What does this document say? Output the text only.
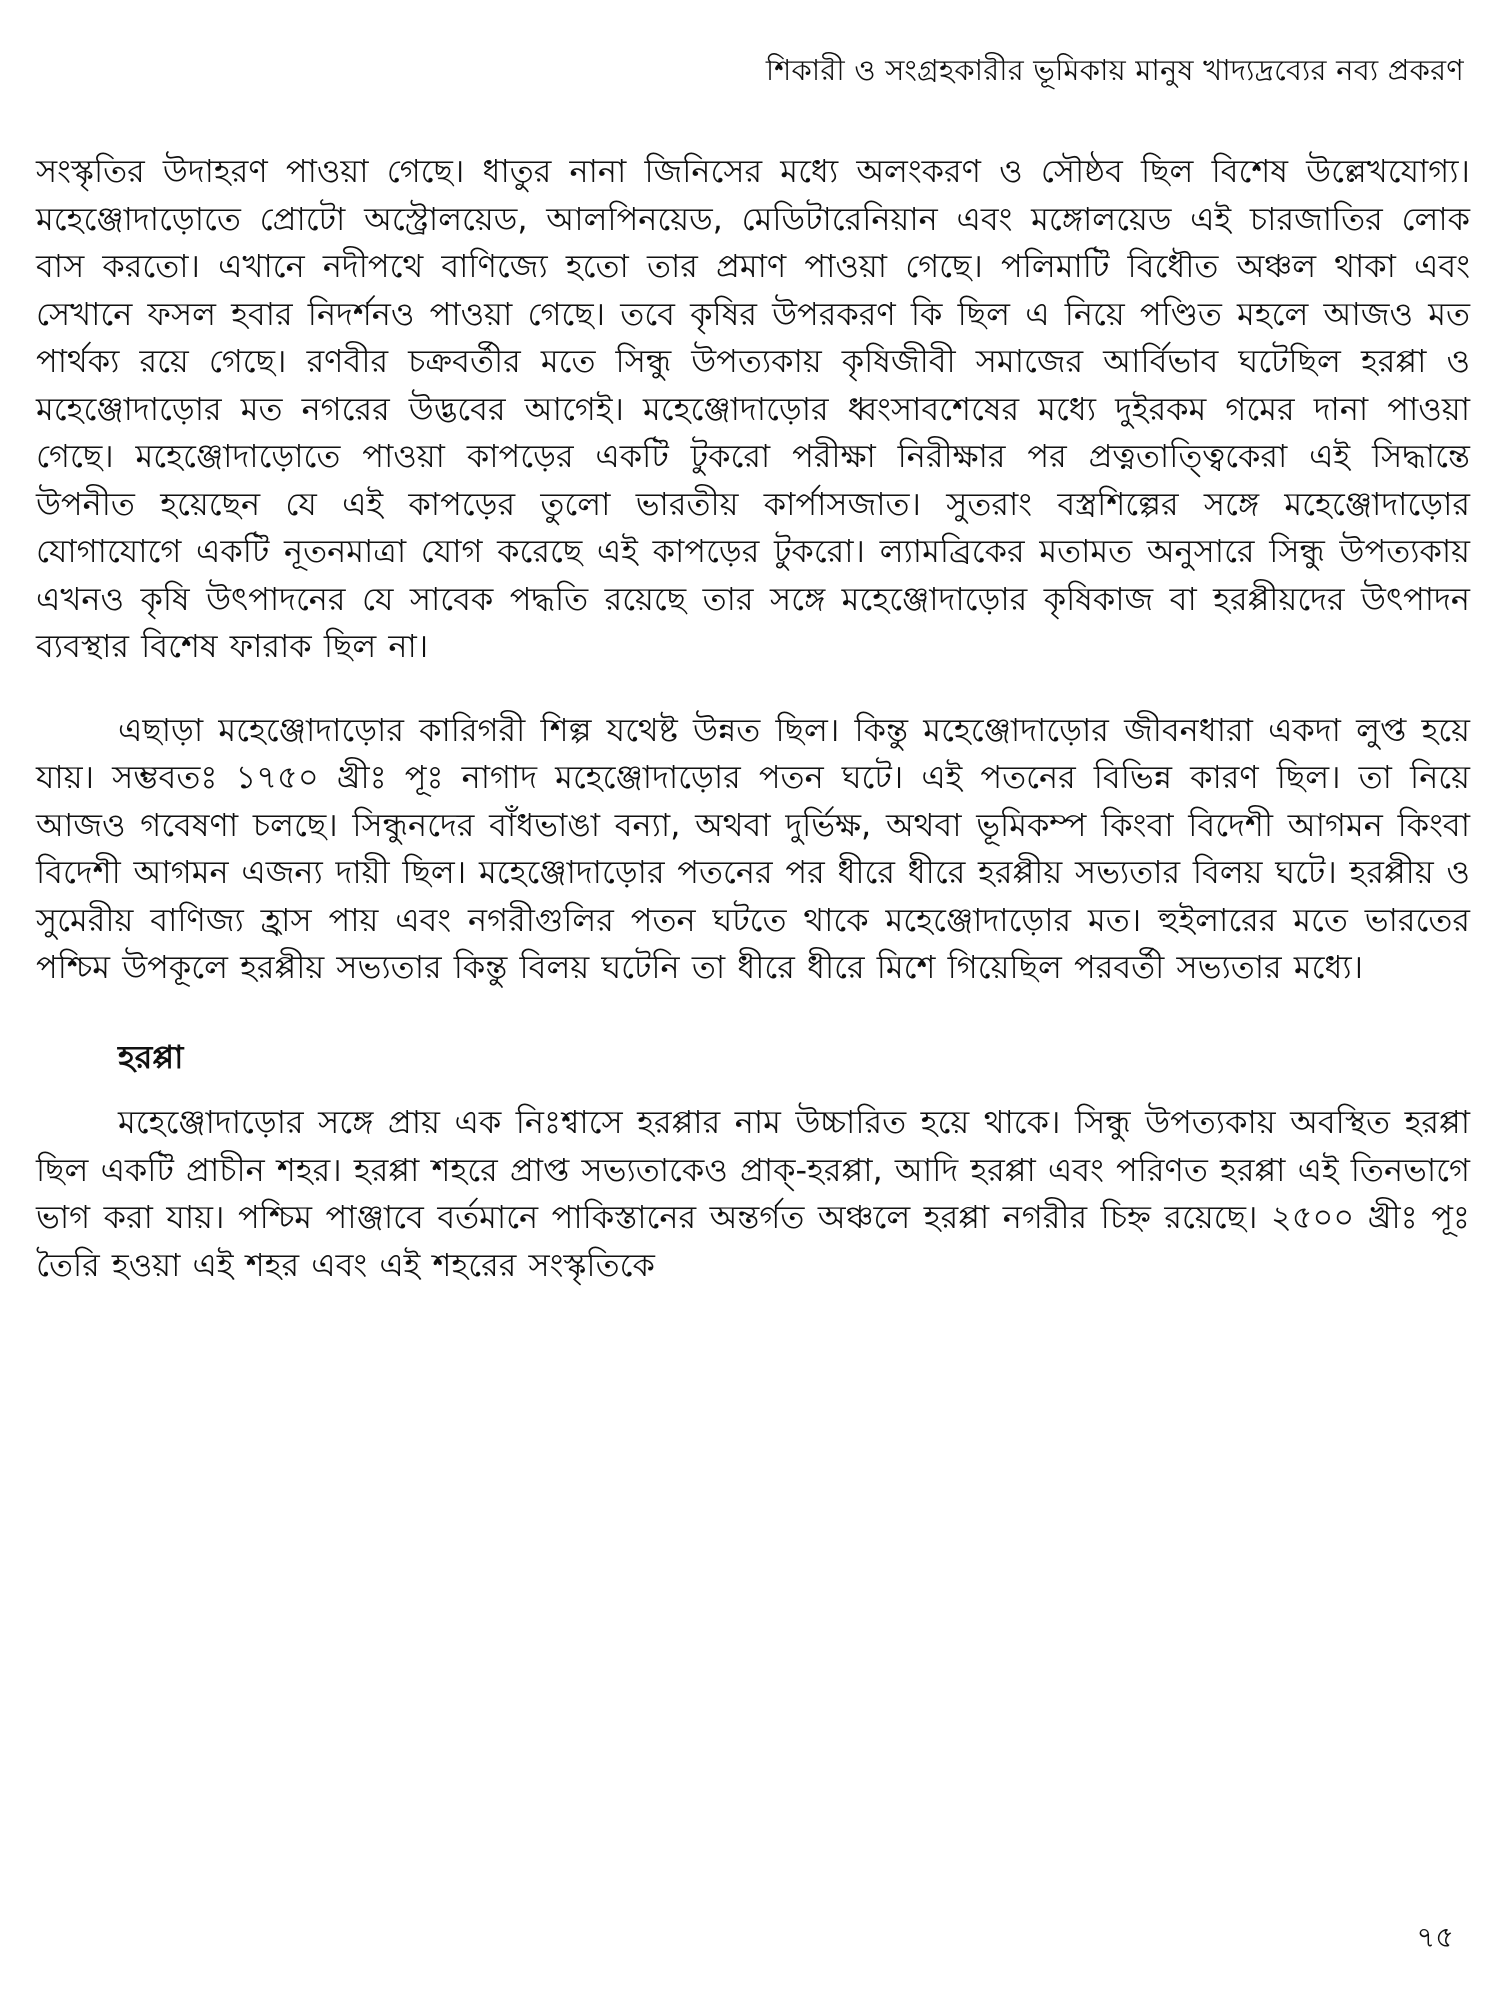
শিকারী ও সংগ্রহকারীর ভূমিকায় মানুষ খাদ্যদ্রব্যের নব্য প্রকরণ

সংস্কৃতির উদাহরণ পাওয়া গেছে। ধাতুর নানা জিনিসের মধ্যে অলংকরণ ও সৌষ্ঠব ছিল বিশেষ উল্লেখযোগ্য। মহেঞ্জোদাড়োতে প্রোটো অস্ট্রোলয়েড, আলপিনয়েড, মেডিটারেনিয়ান এবং মঙ্গোলয়েড এই চারজাতির লোক বাস করতো। এখানে নদীপথে বাণিজ্যে হতো তার প্রমাণ পাওয়া গেছে। পলিমাটি বিধৌত অঞ্চল থাকা এবং সেখানে ফসল হবার নিদর্শনও পাওয়া গেছে। তবে কৃষির উপরকরণ কি ছিল এ নিয়ে পণ্ডিত মহলে আজও মত পার্থক্য রয়ে গেছে। রণবীর চক্রবর্তীর মতে সিন্ধু উপত্যকায় কৃষিজীবী সমাজের আর্বিভাব ঘটেছিল হরপ্পা ও মহেঞ্জোদাড়োর মত নগরের উদ্ভবের আগেই। মহেঞ্জোদাড়োর ধ্বংসাবশেষের মধ্যে দুইরকম গমের দানা পাওয়া গেছে। মহেঞ্জোদাড়োতে পাওয়া কাপড়ের একটি টুকরো পরীক্ষা নিরীক্ষার পর প্রত্নতাত্ত্বিকেরা এই সিদ্ধান্তে উপনীত হয়েছেন যে এই কাপড়ের তুলো ভারতীয় কার্পাসজাত। সুতরাং বস্ত্রশিল্পের সঙ্গে মহেঞ্জোদাড়োর যোগাযোগে একটি নূতনমাত্রা যোগ করেছে এই কাপড়ের টুকরো। ল্যামব্রিকের মতামত অনুসারে সিন্ধু উপত্যকায় এখনও কৃষি উৎপাদনের যে সাবেক পদ্ধতি রয়েছে তার সঙ্গে মহেঞ্জোদাড়োর কৃষিকাজ বা হরপ্পীয়দের উৎপাদন ব্যবস্থার বিশেষ ফারাক ছিল না।

এছাড়া মহেঞ্জোদাড়োর কারিগরী শিল্প যথেষ্ট উন্নত ছিল। কিন্তু মহেঞ্জোদাড়োর জীবনধারা একদা লুপ্ত হয়ে যায়। সম্ভবতঃ ১৭৫০ খ্রীঃ পূঃ নাগাদ মহেঞ্জোদাড়োর পতন ঘটে। এই পতনের বিভিন্ন কারণ ছিল। তা নিয়ে আজও গবেষণা চলছে। সিন্ধুনদের বাঁধভাঙা বন্যা, অথবা দুর্ভিক্ষ, অথবা ভূমিকম্প কিংবা বিদেশী আগমন কিংবা বিদেশী আগমন এজন্য দায়ী ছিল। মহেঞ্জোদাড়োর পতনের পর ধীরে ধীরে হরপ্পীয় সভ্যতার বিলয় ঘটে। হরপ্পীয় ও সুমেরীয় বাণিজ্য হ্রাস পায় এবং নগরীগুলির পতন ঘটতে থাকে মহেঞ্জোদাড়োর মত। হুইলারের মতে ভারতের পশ্চিম উপকূলে হরপ্পীয় সভ্যতার কিন্তু বিলয় ঘটেনি তা ধীরে ধীরে মিশে গিয়েছিল পরবর্তী সভ্যতার মধ্যে।

হরপ্পা

মহেঞ্জোদাড়োর সঙ্গে প্রায় এক নিঃশ্বাসে হরপ্পার নাম উচ্চারিত হয়ে থাকে। সিন্ধু উপত্যকায় অবস্থিত হরপ্পা ছিল একটি প্রাচীন শহর। হরপ্পা শহরে প্রাপ্ত সভ্যতাকেও প্রাক্-হরপ্পা, আদি হরপ্পা এবং পরিণত হরপ্পা এই তিনভাগে ভাগ করা যায়। পশ্চিম পাঞ্জাবে বর্তমানে পাকিস্তানের অন্তর্গত অঞ্চলে হরপ্পা নগরীর চিহ্ন রয়েছে। ২৫০০ খ্রীঃ পূঃ তৈরি হওয়া এই শহর এবং এই শহরের সংস্কৃতিকে

৭৫
